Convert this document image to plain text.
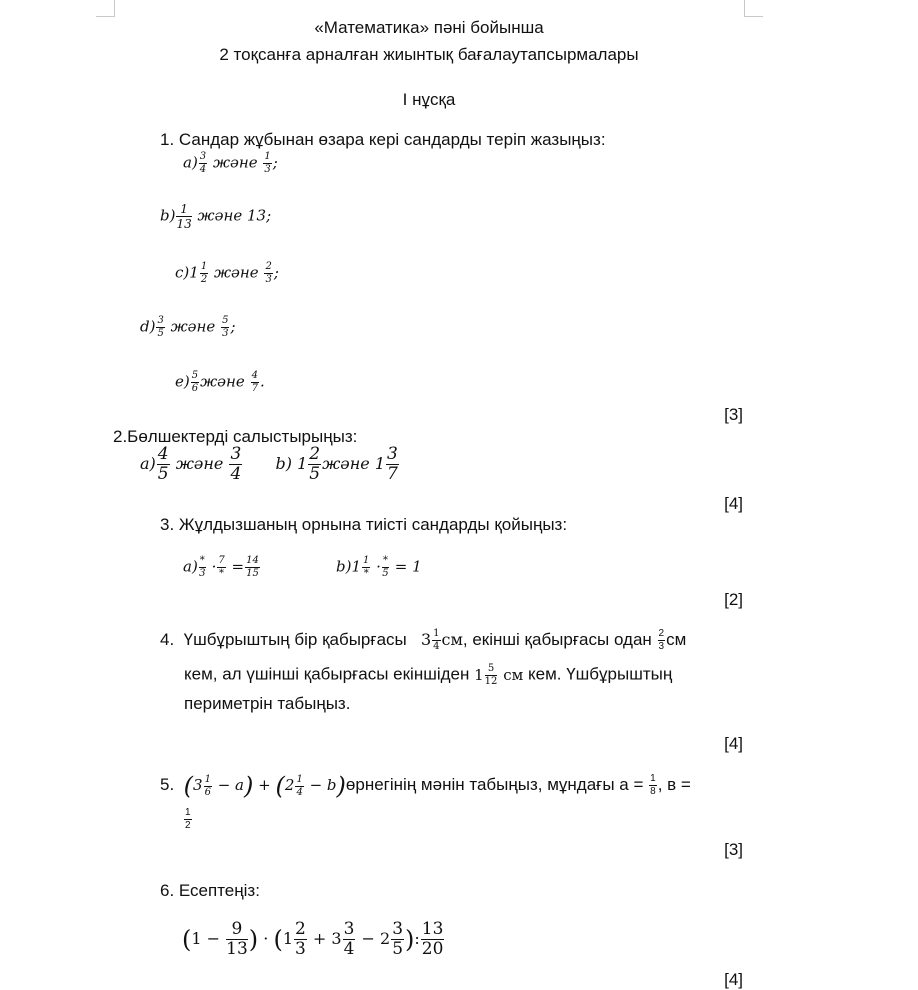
«Математика» пәні бойынша
2 тоқсанға арналған жиынтық бағалаутапсырмалары
I нұсқа
1. Сандар жұбынан өзара кері сандарды теріп жазыңыз:
$a) \frac{3}{4}$ және $\frac{1}{3}$ ;
$b) \frac{1}{13}$ және 13;
$c)1 \frac{1}{2}$ және $\frac{2}{3}$ ;
$d) \frac{3}{5}$ және $\frac{5}{3}$ ;
$e) \frac{5}{6}$ және $\frac{4}{7}$ .
[3]
2.Бөлшектерді салыстырыңыз:
$a) \frac{4}{5}$ және $\frac{3}{4} b$) $1 \frac{2}{5}$ және $1 \frac{3}{7}$
[4]
3. Жұлдызшаның орнына тиісті сандарды қойыңыз:
$a) \frac{*}{3} \cdot \frac{7}{*} = \frac{14}{15}$	$b)1 \frac{1}{*} \cdot \frac{*}{5} = 1$
[2]
4. Үшбұрыштың бір қабырғасы $3 \frac{1}{4}$ см, екінші қабырғасы одан $\frac{2}{3}$ см
кем, ал үшінші қабырғасы екіншіден $1 \frac{5}{12}$ см кем. Үшбұрыштың
периметрін табыңыз.
[4]
5. $(3 \frac{1}{6} - a) + (2 \frac{1}{4}$ − b)өрнегінің мәнін табыңыз, мұндағы $а = \frac{1}{8}$ , в =
$\frac{1}{2}$
[3]
6. Есептеңіз:
($1 - \frac{9}{13}$ ) · ($1 \frac{2}{3} + 3 \frac{3}{4} - 2 \frac{3}{5}$ ): $\frac{13}{20}$
[4]
